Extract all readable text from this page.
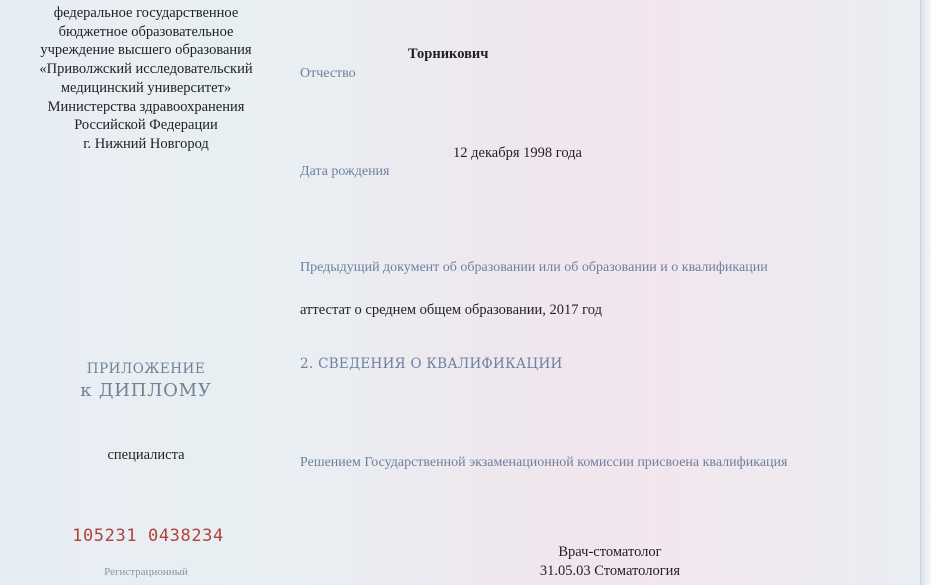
федеральное государственное
бюджетное образовательное
учреждение высшего образования
«Приволжский исследовательский
медицинский университет»
Министерства здравоохранения
Российской Федерации
г. Нижний Новгород
ПРИЛОЖЕНИЕ
к ДИПЛОМУ
специалиста
105231 0438234
Регистрационный
Торникович
Отчество
12 декабря 1998 года
Дата рождения
Предыдущий документ об образовании или об образовании и о квалификации
аттестат о среднем общем образовании, 2017 год
2. СВЕДЕНИЯ О КВАЛИФИКАЦИИ
Решением Государственной экзаменационной комиссии присвоена квалификация
Врач-стоматолог
31.05.03 Стоматология
